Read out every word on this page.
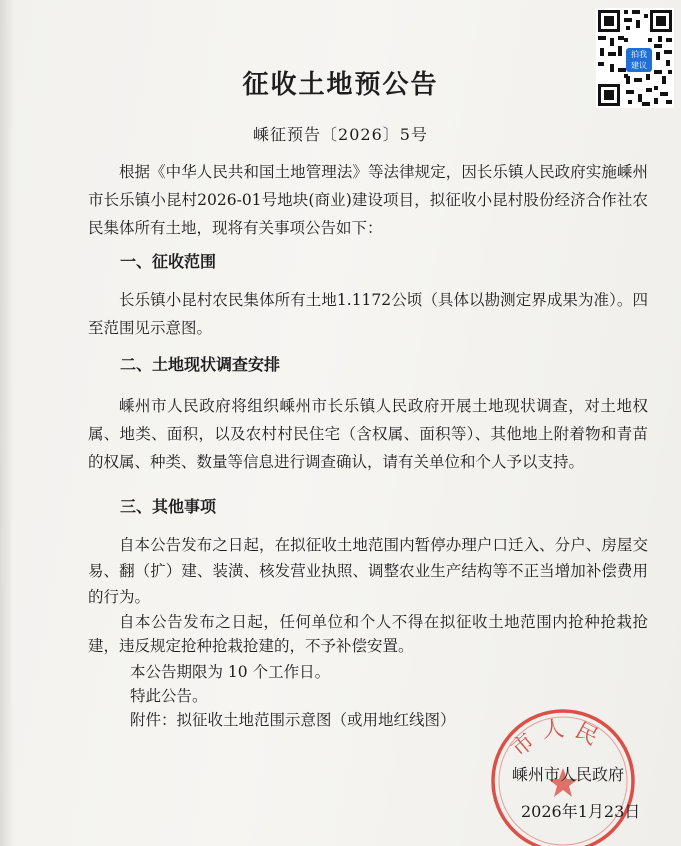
拍我
建议
征收土地预公告
嵊征预告〔2026〕5号

根据《中华人民共和国土地管理法》等法律规定，因长乐镇人民政府实施嵊州市长乐镇小昆村2026-01号地块(商业)建设项目，拟征收小昆村股份经济合作社农民集体所有土地，现将有关事项公告如下：

一、征收范围

长乐镇小昆村农民集体所有土地1.1172公顷（具体以勘测定界成果为准）。四至范围见示意图。

二、土地现状调查安排

嵊州市人民政府将组织嵊州市长乐镇人民政府开展土地现状调查，对土地权属、地类、面积，以及农村村民住宅（含权属、面积等）、其他地上附着物和青苗的权属、种类、数量等信息进行调查确认，请有关单位和个人予以支持。

三、其他事项

自本公告发布之日起，在拟征收土地范围内暂停办理户口迁入、分户、房屋交易、翻（扩）建、装潢、核发营业执照、调整农业生产结构等不正当增加补偿费用的行为。

自本公告发布之日起，任何单位和个人不得在拟征收土地范围内抢种抢栽抢建，违反规定抢种抢栽抢建的，不予补偿安置。

本公告期限为 10 个工作日。
特此公告。
附件：拟征收土地范围示意图（或用地红线图）
市人民
嵊州市人民政府
2026年1月23日
